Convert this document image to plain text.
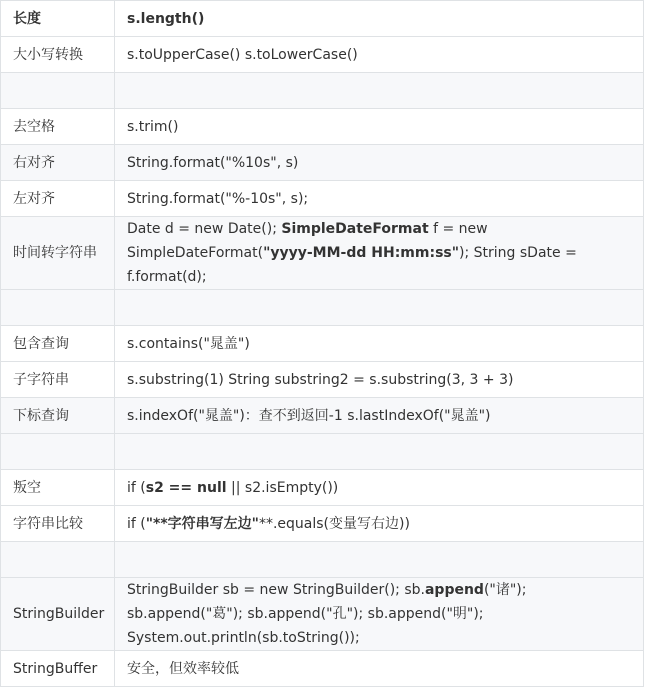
长度	s.length()
大小写转换	s.toUpperCase() s.toLowerCase()

去空格	s.trim()
右对齐	String.format("%10s", s)
左对齐	String.format("%-10s", s);
时间转字符串	Date d = new Date(); SimpleDateFormat f = new SimpleDateFormat("yyyy-MM-dd HH:mm:ss"); String sDate = f.format(d);

包含查询	s.contains("晁盖")
子字符串	s.substring(1) String substring2 = s.substring(3, 3 + 3)
下标查询	s.indexOf("晁盖")：查不到返回-1 s.lastIndexOf("晁盖")

叛空	if (s2 == null || s2.isEmpty())
字符串比较	if ("**字符串写左边"**.equals(变量写右边))

StringBuilder	StringBuilder sb = new StringBuilder(); sb.append("诸"); sb.append("葛"); sb.append("孔"); sb.append("明"); System.out.println(sb.toString());
StringBuffer	安全，但效率较低
